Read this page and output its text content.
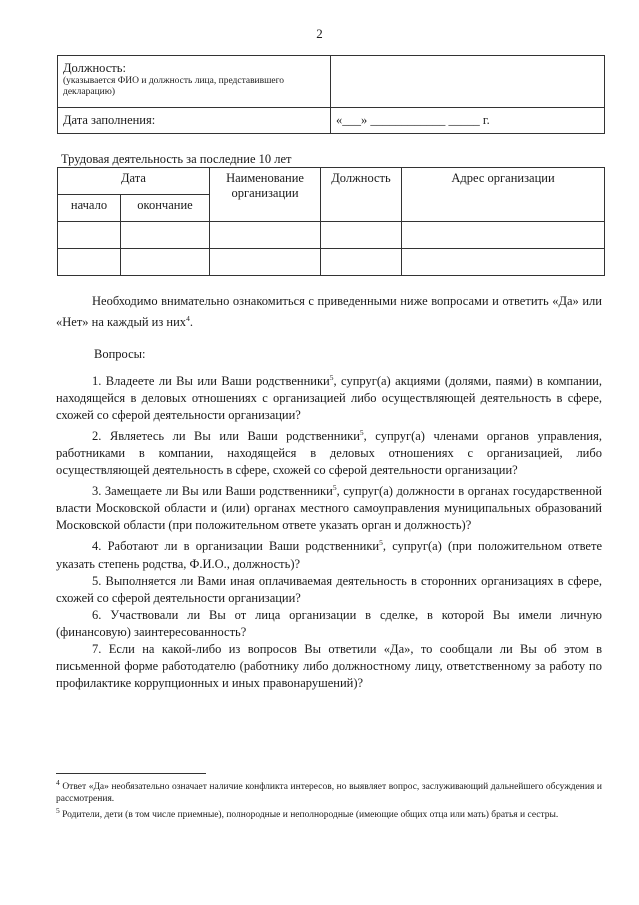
2
Должность:
(указывается ФИО и должность лица, представившего декларацию)	

Дата заполнения:	«___» ____________ _____ г.
Трудовая деятельность за последние 10 лет
Дата		Наименование организации	Должность	Адрес организации
начало	окончание			

Необходимо внимательно ознакомиться с приведенными ниже вопросами и ответить «Да» или «Нет» на каждый из них$^4$.
Вопросы:

1. Владеете ли Вы или Ваши родственники$^5$, супруг(а) акциями (долями, паями) в компании, находящейся в деловых отношениях с организацией либо осуществляющей деятельность в сфере, схожей со сферой деятельности организации?

2. Являетесь ли Вы или Ваши родственники$^5$, супруг(а) членами органов управления, работниками в компании, находящейся в деловых отношениях с организацией, либо осуществляющей деятельность в сфере, схожей со сферой деятельности организации?

3. Замещаете ли Вы или Ваши родственники$^5$, супруг(а) должности в органах государственной власти Московской области и (или) органах местного самоуправления муниципальных образований Московской области (при положительном ответе указать орган и должность)?

4. Работают ли в организации Ваши родственники$^5$, супруг(а) (при положительном ответе указать степень родства, Ф.И.О., должность)?

5. Выполняется ли Вами иная оплачиваемая деятельность в сторонних организациях в сфере, схожей со сферой деятельности организации?

6. Участвовали ли Вы от лица организации в сделке, в которой Вы имели личную (финансовую) заинтересованность?

7. Если на какой-либо из вопросов Вы ответили «Да», то сообщали ли Вы об этом в письменной форме работодателю (работнику либо должностному лицу, ответственному за работу по профилактике коррупционных и иных правонарушений)?

$^4$ Ответ «Да» необязательно означает наличие конфликта интересов, но выявляет вопрос, заслуживающий дальнейшего обсуждения и рассмотрения.

$^5$ Родители, дети (в том числе приемные), полнородные и неполнородные (имеющие общих отца или мать) братья и сестры.
